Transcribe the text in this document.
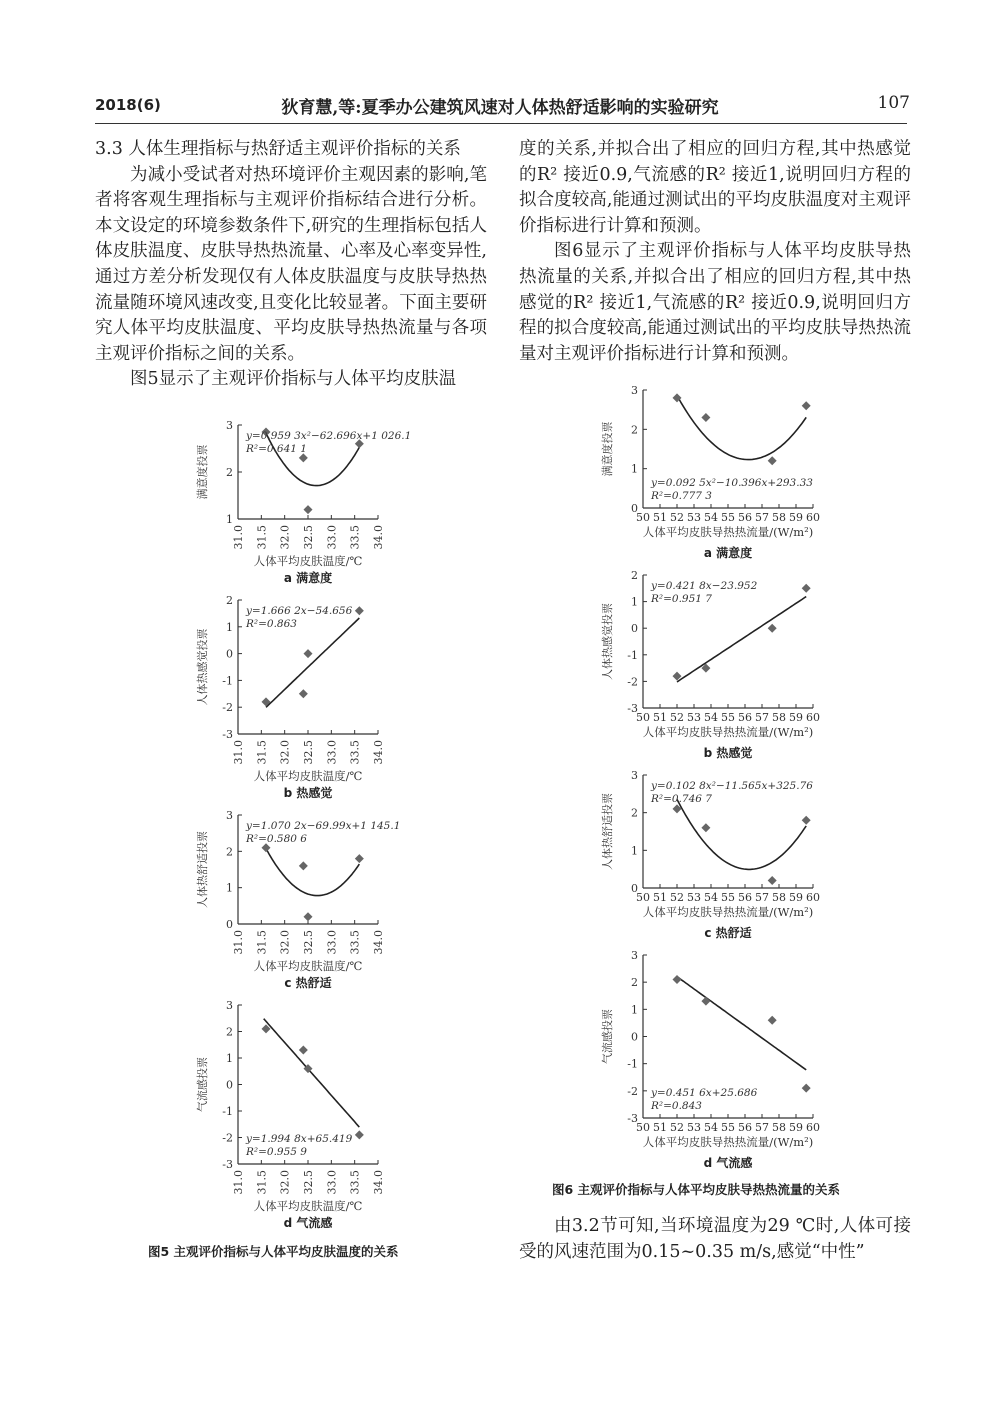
2018(6)	狄育慧,等:夏季办公建筑风速对人体热舒适影响的实验研究	107

3.3 人体生理指标与热舒适主观评价指标的关系

为减小受试者对热环境评价主观因素的影响,笔者将客观生理指标与主观评价指标结合进行分析。本文设定的环境参数条件下,研究的生理指标包括人体皮肤温度、皮肤导热热流量、心率及心率变异性,通过方差分析发现仅有人体皮肤温度与皮肤导热热流量随环境风速改变,且变化比较显著。下面主要研究人体平均皮肤温度、平均皮肤导热热流量与各项主观评价指标之间的关系。

图5显示了主观评价指标与人体平均皮肤温

度的关系,并拟合出了相应的回归方程,其中热感觉的R² 接近0.9,气流感的R² 接近1,说明回归方程的拟合度较高,能通过测试出的平均皮肤温度对主观评价指标进行计算和预测。

图6显示了主观评价指标与人体平均皮肤导热热流量的关系,并拟合出了相应的回归方程,其中热感觉的R² 接近1,气流感的R² 接近0.9,说明回归方程的拟合度较高,能通过测试出的平均皮肤导热热流量对主观评价指标进行计算和预测。

由3.2节可知,当环境温度为29 ℃时,人体可接受的风速范围为0.15~0.35 m/s,感觉“中性”

1
2
3
31.0 31.5 32.0 32.5 33.0 33.5 34.0
满意度投票
人体平均皮肤温度/℃
y=0.959 3x²−62.696x+1 026.1
R²=0.641 1
a 满意度
-3
-2
-1
0
1
2
31.0 31.5 32.0 32.5 33.0 33.5 34.0
人体热感觉投票
人体平均皮肤温度/℃
y=1.666 2x−54.656
R²=0.863
b 热感觉
0
1
2
3
31.0 31.5 32.0 32.5 33.0 33.5 34.0
人体热舒适投票
人体平均皮肤温度/℃
y=1.070 2x−69.99x+1 145.1
R²=0.580 6
c 热舒适
-3
-2
-1
0
1
2
3
31.0 31.5 32.0 32.5 33.0 33.5 34.0
气流感投票
人体平均皮肤温度/℃
y=1.994 8x+65.419
R²=0.955 9
d 气流感
0
1
2
3
50 51 52 53 54 55 56 57 58 59 60
满意度投票
人体平均皮肤导热热流量/(W/m²)
y=0.092 5x²−10.396x+293.33
R²=0.777 3
a 满意度
-3
-2
-1
0
1
2
50 51 52 53 54 55 56 57 58 59 60
人体热感觉投票
人体平均皮肤导热热流量/(W/m²)
y=0.421 8x−23.952
R²=0.951 7
b 热感觉
0
1
2
3
50 51 52 53 54 55 56 57 58 59 60
人体热舒适投票
人体平均皮肤导热热流量/(W/m²)
y=0.102 8x²−11.565x+325.76
R²=0.746 7
c 热舒适
-3
-2
-1
0
1
2
3
50 51 52 53 54 55 56 57 58 59 60
气流感投票
人体平均皮肤导热热流量/(W/m²)
y=0.451 6x+25.686
R²=0.843
d 气流感
图5 主观评价指标与人体平均皮肤温度的关系
图6 主观评价指标与人体平均皮肤导热热流量的关系
